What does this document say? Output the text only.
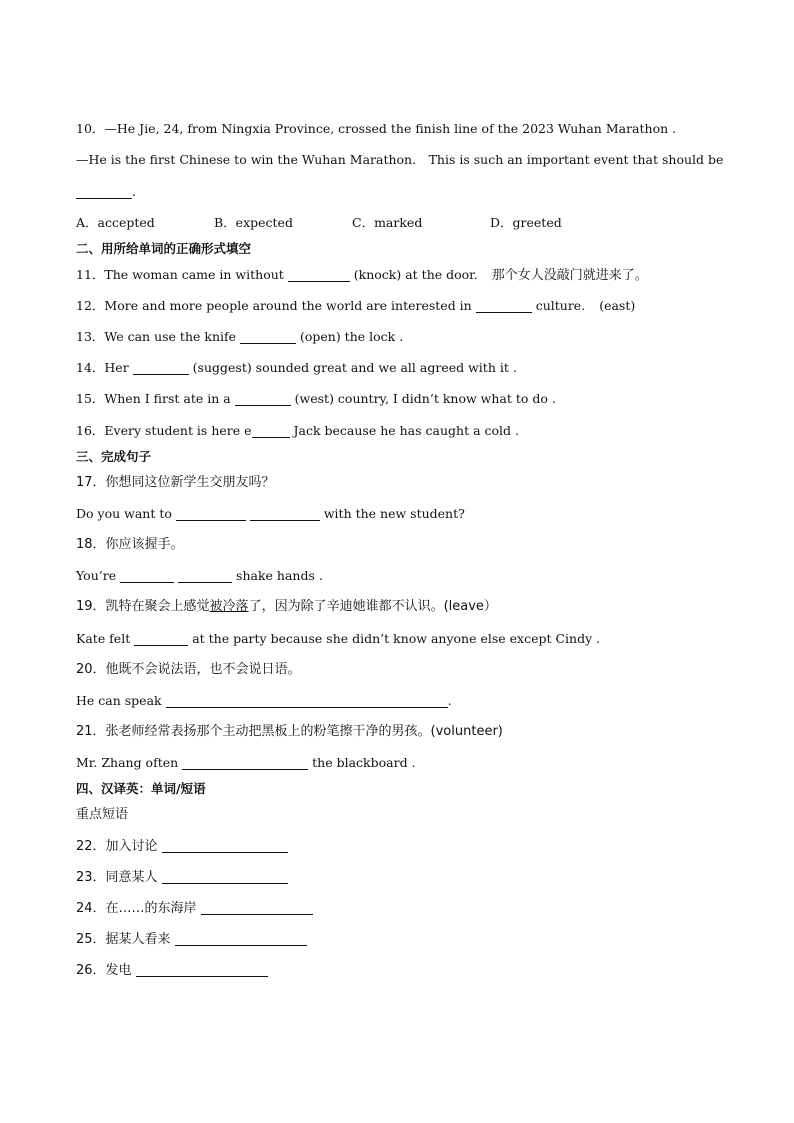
10．—He Jie, 24, from Ningxia Province, crossed the finish line of the 2023 Wuhan Marathon .
—He is the first Chinese to win the Wuhan Marathon． This is such an important event that should be
.
A．accepted	B．expected	C．marked	D．greeted
二、用所给单词的正确形式填空
11．The woman came in without	(knock) at the door. 那个女人没敲门就进来了。
12．More and more people around the world are interested in	culture. (east)
13．We can use the knife	(open) the lock .
14．Her	(suggest) sounded great and we all agreed with it .
15．When I first ate in a	(west) country, I didn’t know what to do .
16．Every student is here e	Jack because he has caught a cold .
三、完成句子
17．你想同这位新学生交朋友吗？
Do you want to	with the new student?
18．你应该握手。
You’re	shake hands .
19．凯特在聚会上感觉被冷落了，因为除了辛迪她谁都不认识。(leave）
Kate felt	at the party because she didn’t know anyone else except Cindy .
20．他既不会说法语，也不会说日语。
He can speak	.
21．张老师经常表扬那个主动把黑板上的粉笔擦干净的男孩。(volunteer)
Mr. Zhang often	the blackboard .
四、汉译英：单词/短语
重点短语
22．加入讨论
23．同意某人
24．在……的东海岸
25．据某人看来
26．发电
